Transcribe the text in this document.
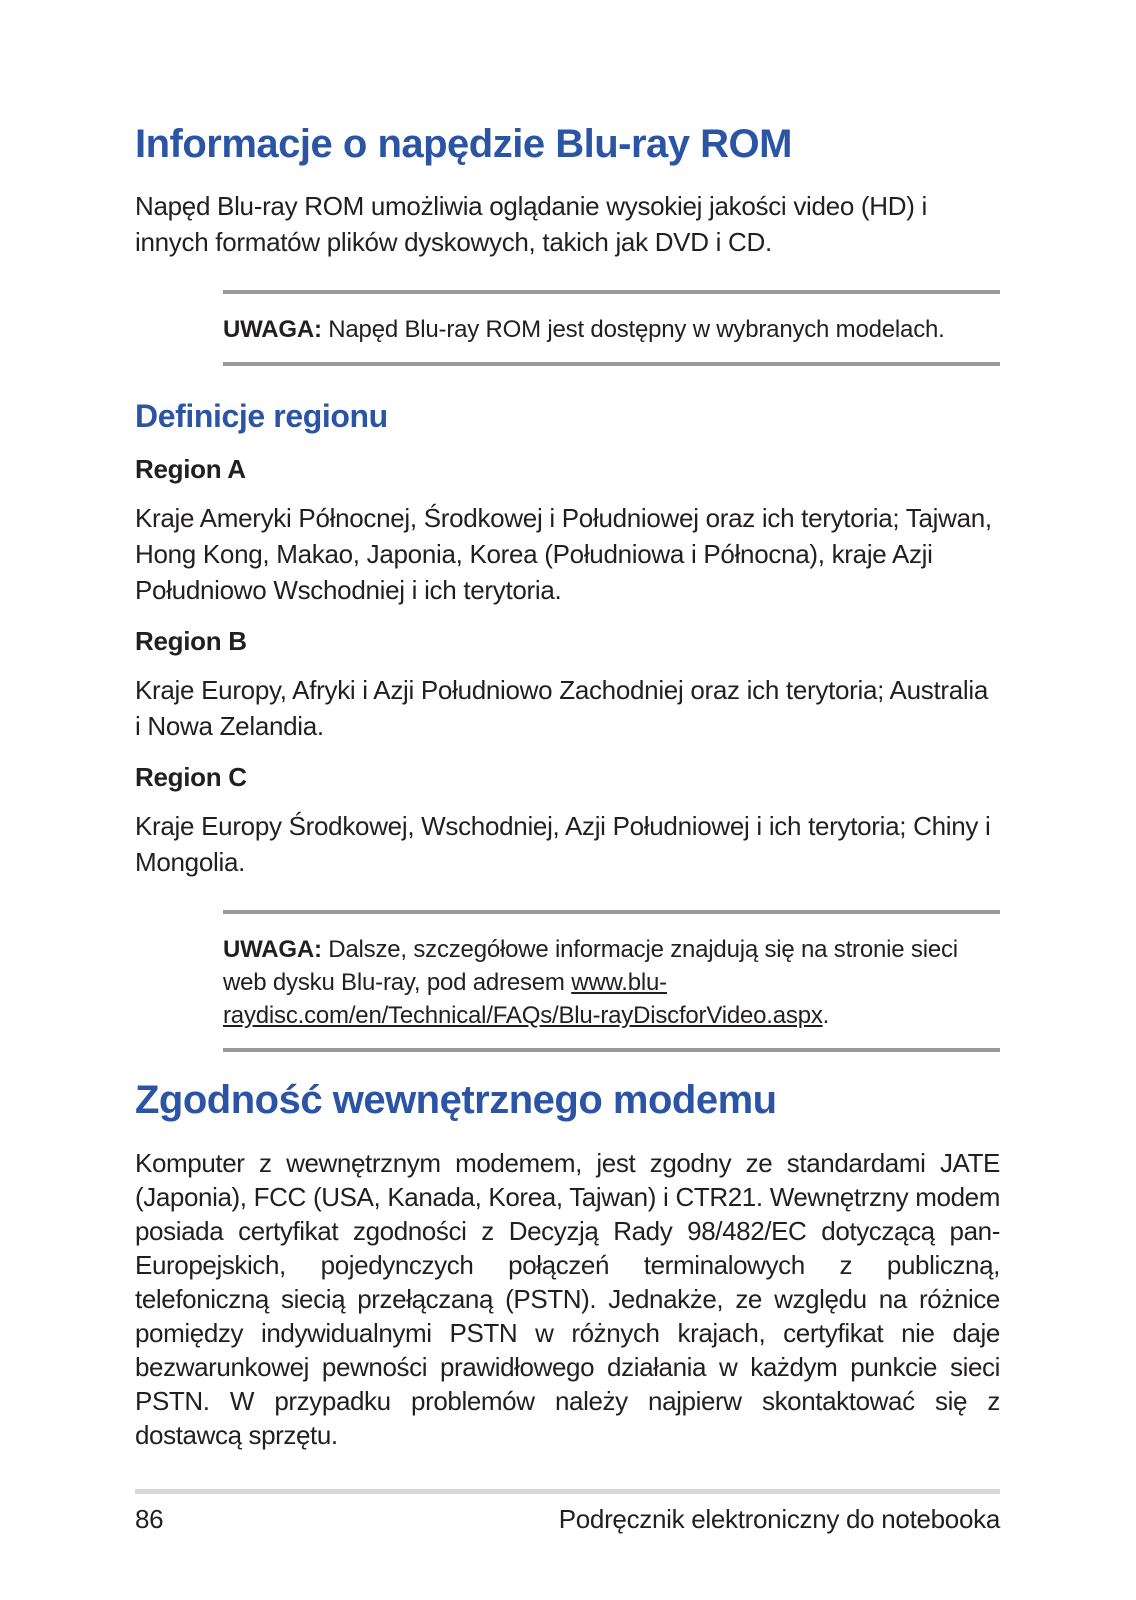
Informacje o napędzie Blu-ray ROM

Napęd Blu-ray ROM umożliwia oglądanie wysokiej jakości video (HD) i innych formatów plików dyskowych, takich jak DVD i CD.

UWAGA: Napęd Blu-ray ROM jest dostępny w wybranych modelach.
Definicje regionu
Region A

Kraje Ameryki Północnej, Środkowej i Południowej oraz ich terytoria; Tajwan, Hong Kong, Makao, Japonia, Korea (Południowa i Północna), kraje Azji Południowo Wschodniej i ich terytoria.

Region B

Kraje Europy, Afryki i Azji Południowo Zachodniej oraz ich terytoria; Australia i Nowa Zelandia.

Region C

Kraje Europy Środkowej, Wschodniej, Azji Południowej i ich terytoria; Chiny i Mongolia.

UWAGA: Dalsze, szczegółowe informacje znajdują się na stronie sieci web dysku Blu-ray, pod adresem www.blu-raydisc.com/en/Technical/FAQs/Blu-rayDiscforVideo.aspx.
Zgodność wewnętrznego modemu

Komputer z wewnętrznym modemem, jest zgodny ze standardami JATE (Japonia), FCC (USA, Kanada, Korea, Tajwan) i CTR21. Wewnętrzny modem posiada certyfikat zgodności z Decyzją Rady 98/482/EC dotyczącą pan-Europejskich, pojedynczych połączeń terminalowych z publiczną, telefoniczną siecią przełączaną (PSTN). Jednakże, ze względu na różnice pomiędzy indywidualnymi PSTN w różnych krajach, certyfikat nie daje bezwarunkowej pewności prawidłowego działania w każdym punkcie sieci PSTN. W przypadku problemów należy najpierw skontaktować się z dostawcą sprzętu.

86	Podręcznik elektroniczny do notebooka
